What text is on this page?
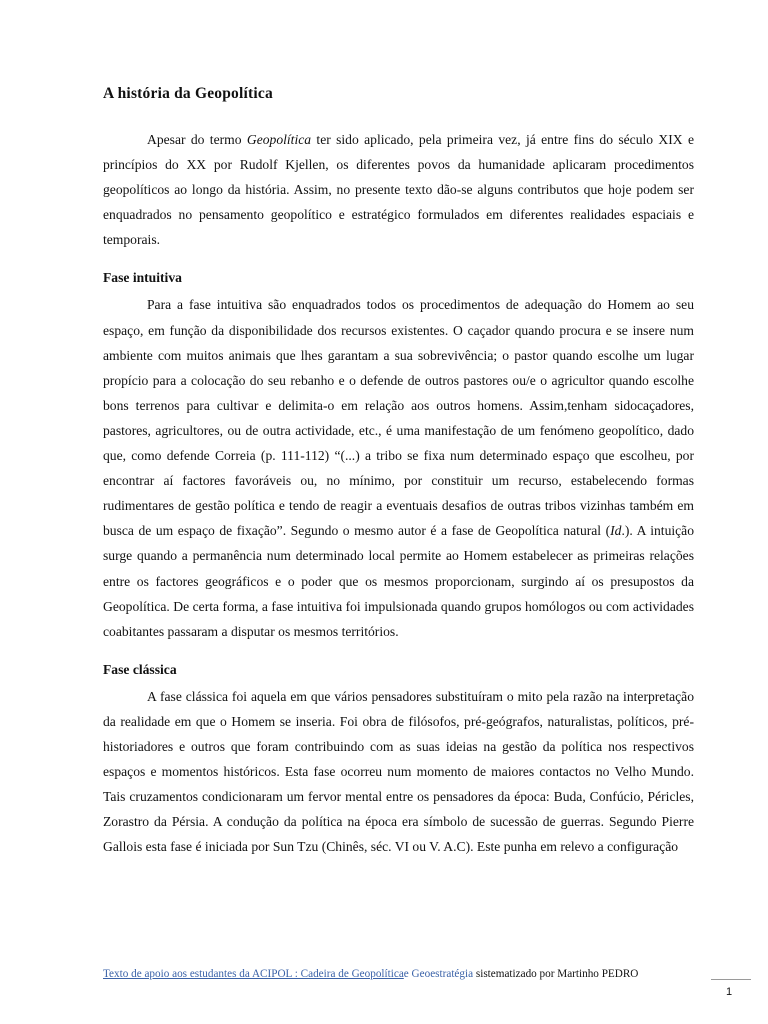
A história da Geopolítica

Apesar do termo Geopolítica ter sido aplicado, pela primeira vez, já entre fins do século XIX e princípios do XX por Rudolf Kjellen, os diferentes povos da humanidade aplicaram procedimentos geopolíticos ao longo da história. Assim, no presente texto dão-se alguns contributos que hoje podem ser enquadrados no pensamento geopolítico e estratégico formulados em diferentes realidades espaciais e temporais.

Fase intuitiva

Para a fase intuitiva são enquadrados todos os procedimentos de adequação do Homem ao seu espaço, em função da disponibilidade dos recursos existentes. O caçador quando procura e se insere num ambiente com muitos animais que lhes garantam a sua sobrevivência; o pastor quando escolhe um lugar propício para a colocação do seu rebanho e o defende de outros pastores ou/e o agricultor quando escolhe bons terrenos para cultivar e delimita-o em relação aos outros homens. Assim,tenham sidocaçadores, pastores, agricultores, ou de outra actividade, etc., é uma manifestação de um fenómeno geopolítico, dado que, como defende Correia (p. 111-112) “(...) a tribo se fixa num determinado espaço que escolheu, por encontrar aí factores favoráveis ou, no mínimo, por constituir um recurso, estabelecendo formas rudimentares de gestão política e tendo de reagir a eventuais desafios de outras tribos vizinhas também em busca de um espaço de fixação”. Segundo o mesmo autor é a fase de Geopolítica natural (Id.). A intuição surge quando a permanência num determinado local permite ao Homem estabelecer as primeiras relações entre os factores geográficos e o poder que os mesmos proporcionam, surgindo aí os presupostos da Geopolítica. De certa forma, a fase intuitiva foi impulsionada quando grupos homólogos ou com actividades coabitantes passaram a disputar os mesmos territórios.

Fase clássica

A fase clássica foi aquela em que vários pensadores substituíram o mito pela razão na interpretação da realidade em que o Homem se inseria. Foi obra de filósofos, pré-geógrafos, naturalistas, políticos, pré-historiadores e outros que foram contribuindo com as suas ideias na gestão da política nos respectivos espaços e momentos históricos. Esta fase ocorreu num momento de maiores contactos no Velho Mundo. Tais cruzamentos condicionaram um fervor mental entre os pensadores da época: Buda, Confúcio, Péricles, Zorastro da Pérsia. A condução da política na época era símbolo de sucessão de guerras. Segundo Pierre Gallois esta fase é iniciada por Sun Tzu (Chinês, séc. VI ou V. A.C). Este punha em relevo a configuração

Texto de apoio aos estudantes da ACIPOL : Cadeira de Geopolíticae Geoestratégia sistematizado por Martinho PEDRO
1
